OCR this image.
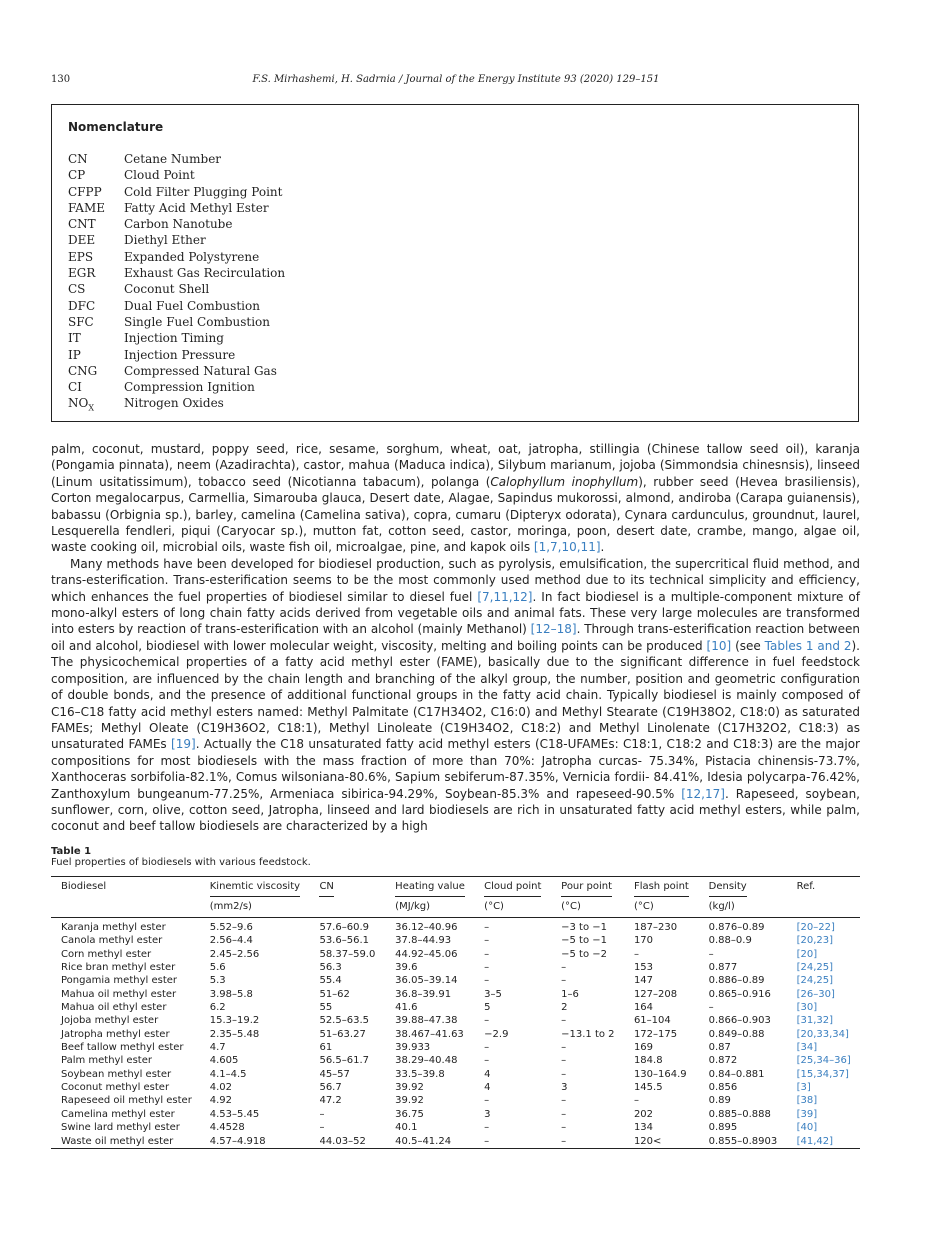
130	F.S. Mirhashemi, H. Sadrnia / Journal of the Energy Institute 93 (2020) 129–151
Nomenclature
CN	Cetane Number
CP	Cloud Point
CFPP Cold Filter Plugging Point
FAME Fatty Acid Methyl Ester
CNT Carbon Nanotube
DEE Diethyl Ether
EPS	Expanded Polystyrene
EGR Exhaust Gas Recirculation
CS	Coconut Shell
DFC Dual Fuel Combustion
SFC	Single Fuel Combustion
IT	Injection Timing
IP	Injection Pressure
CNG Compressed Natural Gas
CI	Compression Ignition
$NO_X$ Nitrogen Oxides

palm, coconut, mustard, poppy seed, rice, sesame, sorghum, wheat, oat, jatropha, stillingia (Chinese tallow seed oil), karanja (Pongamia pinnata), neem (Azadirachta), castor, mahua (Maduca indica), Silybum marianum, jojoba (Simmondsia chinesnsis), linseed (Linum usitatissimum), tobacco seed (Nicotianna tabacum), polanga (Calophyllum inophyllum), rubber seed (Hevea brasiliensis), Corton megalocarpus, Carmellia, Simarouba glauca, Desert date, Alagae, Sapindus mukorossi, almond, andiroba (Carapa guianensis), babassu (Orbignia sp.), barley, camelina (Camelina sativa), copra, cumaru (Dipteryx odorata), Cynara cardunculus, groundnut, laurel, Lesquerella fendleri, piqui (Caryocar sp.), mutton fat, cotton seed, castor, moringa, poon, desert date, crambe, mango, algae oil, waste cooking oil, microbial oils, waste fish oil, microalgae, pine, and kapok oils [1,7,10,11].

Many methods have been developed for biodiesel production, such as pyrolysis, emulsification, the supercritical fluid method, and trans-esterification. Trans-esterification seems to be the most commonly used method due to its technical simplicity and efficiency, which enhances the fuel properties of biodiesel similar to diesel fuel [7,11,12]. In fact biodiesel is a multiple-component mixture of mono-alkyl esters of long chain fatty acids derived from vegetable oils and animal fats. These very large molecules are transformed into esters by reaction of trans-esterification with an alcohol (mainly Methanol) [12–18]. Through trans-esterification reaction between oil and alcohol, biodiesel with lower molecular weight, viscosity, melting and boiling points can be produced [10] (see Tables 1 and 2). The physicochemical properties of a fatty acid methyl ester (FAME), basically due to the significant difference in fuel feedstock composition, are influenced by the chain length and branching of the alkyl group, the number, position and geometric configuration of double bonds, and the presence of additional functional groups in the fatty acid chain. Typically biodiesel is mainly composed of C16–C18 fatty acid methyl esters named: Methyl Palmitate (C17H34O2, C16:0) and Methyl Stearate (C19H38O2, C18:0) as saturated FAMEs; Methyl Oleate (C19H36O2, C18:1), Methyl Linoleate (C19H34O2, C18:2) and Methyl Linolenate (C17H32O2, C18:3) as unsaturated FAMEs [19]. Actually the C18 unsaturated fatty acid methyl esters (C18-UFAMEs: C18:1, C18:2 and C18:3) are the major compositions for most biodiesels with the mass fraction of more than 70%: Jatropha curcas- 75.34%, Pistacia chinensis-73.7%, Xanthoceras sorbifolia-82.1%, Comus wilsoniana-80.6%, Sapium sebiferum-87.35%, Vernicia fordii- 84.41%, Idesia polycarpa-76.42%, Zanthoxylum bungeanum-77.25%, Armeniaca sibirica-94.29%, Soybean-85.3% and rapeseed-90.5% [12,17]. Rapeseed, soybean, sunflower, corn, olive, cotton seed, Jatropha, linseed and lard biodiesels are rich in unsaturated fatty acid methyl esters, while palm, coconut and beef tallow biodiesels are characterized by a high

Table 1
Fuel properties of biodiesels with various feedstock.
Biodiesel	Kinemtic viscosity	CN	Heating value	Cloud point	Pour point	Flash point	Density	Ref.
	(mm2/s)		(MJ/kg)	(°C)	(°C)	(°C)	(kg/l)	
Karanja methyl ester	5.52–9.6	57.6–60.9	36.12–40.96	–	−3 to −1	187–230	0.876–0.89	[20–22]
Canola methyl ester	2.56–4.4	53.6–56.1	37.8–44.93	–	−5 to −1	170	0.88–0.9	[20,23]
Corn methyl ester	2.45–2.56	58.37–59.0	44.92–45.06	–	−5 to −2	–	–	[20]
Rice bran methyl ester	5.6	56.3	39.6	–	–	153	0.877	[24,25]
Pongamia methyl ester	5.3	55.4	36.05–39.14	–	–	147	0.886–0.89	[24,25]
Mahua oil methyl ester	3.98–5.8	51–62	36.8–39.91	3–5	1–6	127–208	0.865–0.916	[26–30]
Mahua oil ethyl ester	6.2	55	41.6	5	2	164	–	[30]
Jojoba methyl ester	15.3–19.2	52.5–63.5	39.88–47.38	–	–	61–104	0.866–0.903	[31,32]
Jatropha methyl ester	2.35–5.48	51–63.27	38.467–41.63	−2.9	−13.1 to 2	172–175	0.849–0.88	[20,33,34]
Beef tallow methyl ester	4.7	61	39.933	–	–	169	0.87	[34]
Palm methyl ester	4.605	56.5–61.7	38.29–40.48	–	–	184.8	0.872	[25,34–36]
Soybean methyl ester	4.1–4.5	45–57	33.5–39.8	4	–	130–164.9	0.84–0.881	[15,34,37]
Coconut methyl ester	4.02	56.7	39.92	4	3	145.5	0.856	[3]
Rapeseed oil methyl ester	4.92	47.2	39.92	–	–	–	0.89	[38]
Camelina methyl ester	4.53–5.45	–	36.75	3	–	202	0.885–0.888	[39]
Swine lard methyl ester	4.4528	–	40.1	–	–	134	0.895	[40]
Waste oil methyl ester	4.57–4.918	44.03–52	40.5–41.24	–	–	120<	0.855–0.8903	[41,42]
